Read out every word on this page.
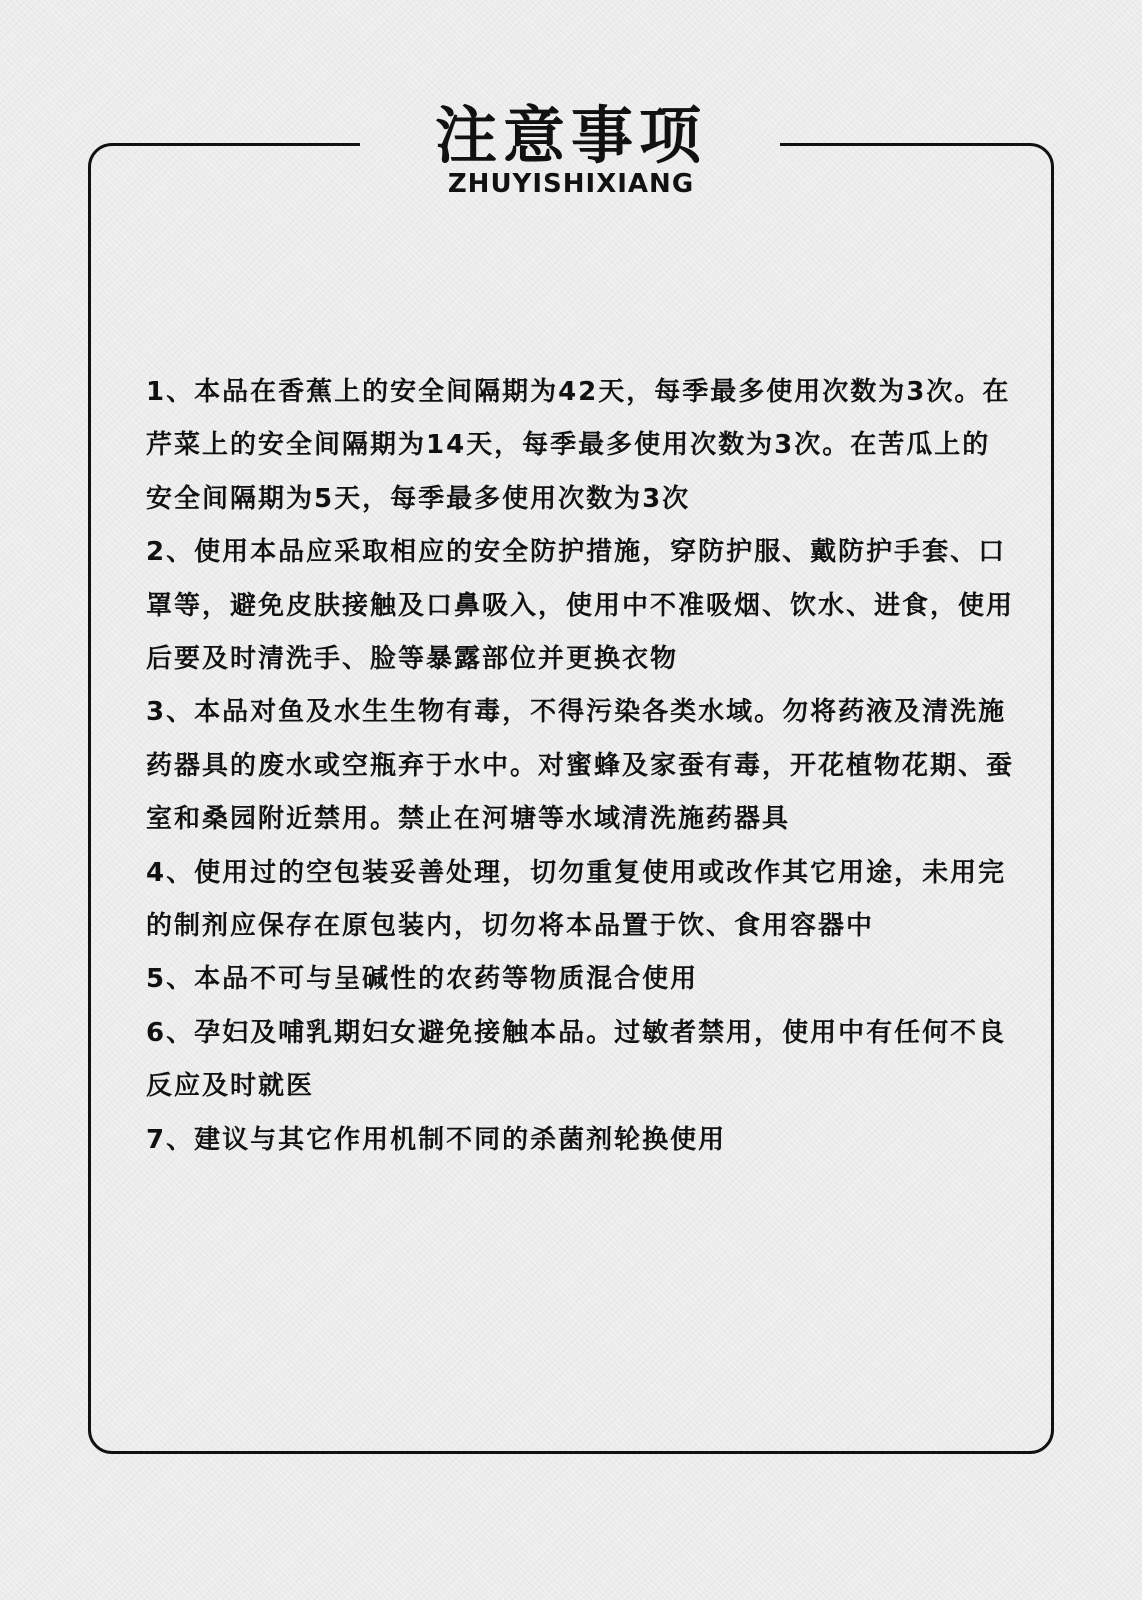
注意事项
ZHUYISHIXIANG

1、本品在香蕉上的安全间隔期为42天，每季最多使用次数为3次。在芹菜上的安全间隔期为14天，每季最多使用次数为3次。在苦瓜上的安全间隔期为5天，每季最多使用次数为3次

2、使用本品应采取相应的安全防护措施，穿防护服、戴防护手套、口罩等，避免皮肤接触及口鼻吸入，使用中不准吸烟、饮水、进食，使用后要及时清洗手、脸等暴露部位并更换衣物

3、本品对鱼及水生生物有毒，不得污染各类水域。勿将药液及清洗施药器具的废水或空瓶弃于水中。对蜜蜂及家蚕有毒，开花植物花期、蚕室和桑园附近禁用。禁止在河塘等水域清洗施药器具

4、使用过的空包装妥善处理，切勿重复使用或改作其它用途，未用完的制剂应保存在原包装内，切勿将本品置于饮、食用容器中

5、本品不可与呈碱性的农药等物质混合使用

6、孕妇及哺乳期妇女避免接触本品。过敏者禁用，使用中有任何不良反应及时就医

7、建议与其它作用机制不同的杀菌剂轮换使用
